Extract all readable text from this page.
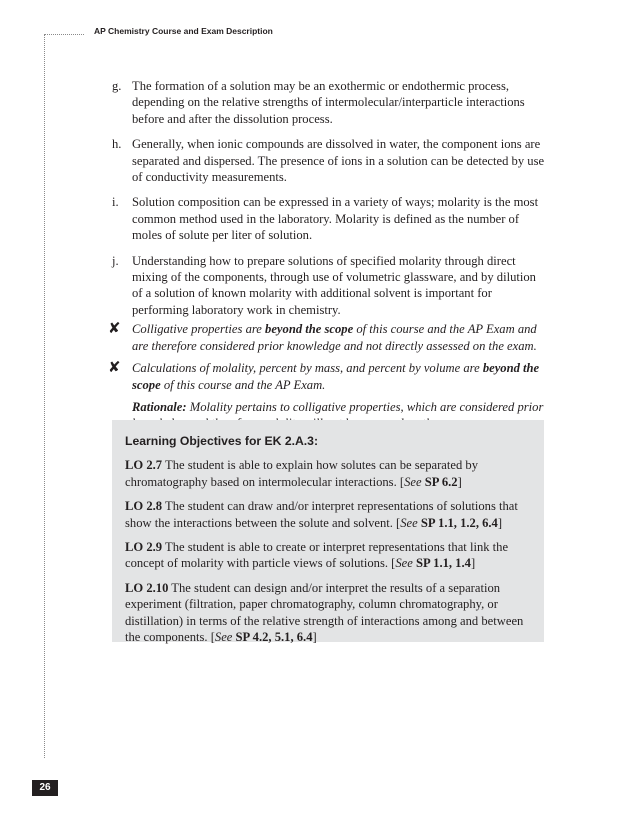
AP Chemistry Course and Exam Description
g. The formation of a solution may be an exothermic or endothermic process, depending on the relative strengths of intermolecular/interparticle interactions before and after the dissolution process.
h. Generally, when ionic compounds are dissolved in water, the component ions are separated and dispersed. The presence of ions in a solution can be detected by use of conductivity measurements.
i. Solution composition can be expressed in a variety of ways; molarity is the most common method used in the laboratory. Molarity is defined as the number of moles of solute per liter of solution.
j. Understanding how to prepare solutions of specified molarity through direct mixing of the components, through use of volumetric glassware, and by dilution of a solution of known molarity with additional solvent is important for performing laboratory work in chemistry.
✘ Colligative properties are beyond the scope of this course and the AP Exam and are therefore considered prior knowledge and not directly assessed on the exam.
✘ Calculations of molality, percent by mass, and percent by volume are beyond the scope of this course and the AP Exam.
Rationale: Molality pertains to colligative properties, which are considered prior
Learning Objectives for EK 2.A.3:
LO 2.7 The student is able to explain how solutes can be separated by chromatography based on intermolecular interactions. [See SP 6.2]
LO 2.8 The student can draw and/or interpret representations of solutions that show the interactions between the solute and solvent. [See SP 1.1, 1.2, 6.4]
LO 2.9 The student is able to create or interpret representations that link the concept of molarity with particle views of solutions. [See SP 1.1, 1.4]
LO 2.10 The student can design and/or interpret the results of a separation experiment (filtration, paper chromatography, column chromatography, or distillation) in terms of the relative strength of interactions among and between the components. [See SP 4.2, 5.1, 6.4]
26
